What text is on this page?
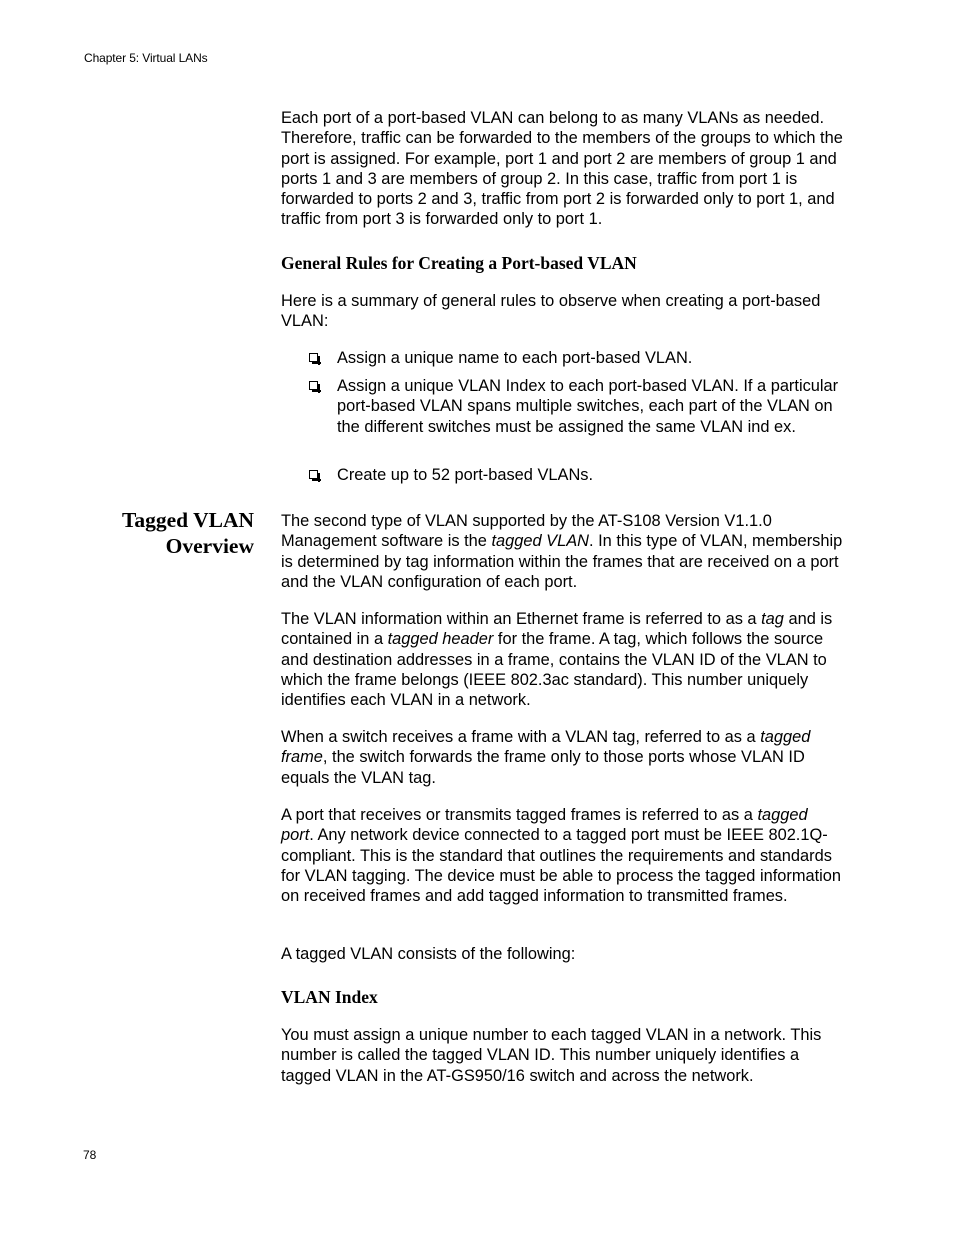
Chapter 5: Virtual LANs

Each port of a port-based VLAN can belong to as many VLANs as needed. Therefore, traffic can be forwarded to the members of the groups to which the port is assigned. For example, port 1 and port 2 are members of group 1 and ports 1 and 3 are members of group 2. In this case, traffic from port 1 is forwarded to ports 2 and 3, traffic from port 2 is forwarded only to port 1, and traffic from port 3 is forwarded only to port 1.

General Rules for Creating a Port-based VLAN

Here is a summary of general rules to observe when creating a port-based VLAN:

Assign a unique name to each port-based VLAN.
Assign a unique VLAN Index to each port-based VLAN. If a particular port-based VLAN spans multiple switches, each part of the VLAN on the different switches must be assigned the same VLAN ind ex.
Create up to 52 port-based VLANs.
Tagged VLAN
Overview

The second type of VLAN supported by the AT-S108 Version V1.1.0 Management software is the tagged VLAN. In this type of VLAN, membership is determined by tag information within the frames that are received on a port and the VLAN configuration of each port.

The VLAN information within an Ethernet frame is referred to as a tag and is contained in a tagged header for the frame. A tag, which follows the source and destination addresses in a frame, contains the VLAN ID of the VLAN to which the frame belongs (IEEE 802.3ac standard). This number uniquely identifies each VLAN in a network.

When a switch receives a frame with a VLAN tag, referred to as a tagged frame, the switch forwards the frame only to those ports whose VLAN ID equals the VLAN tag.

A port that receives or transmits tagged frames is referred to as a tagged port. Any network device connected to a tagged port must be IEEE 802.1Q-compliant. This is the standard that outlines the requirements and standards for VLAN tagging. The device must be able to process the tagged information on received frames and add tagged information to transmitted frames.

A tagged VLAN consists of the following:

VLAN Index

You must assign a unique number to each tagged VLAN in a network. This number is called the tagged VLAN ID. This number uniquely identifies a tagged VLAN in the AT-GS950/16 switch and across the network.

78
